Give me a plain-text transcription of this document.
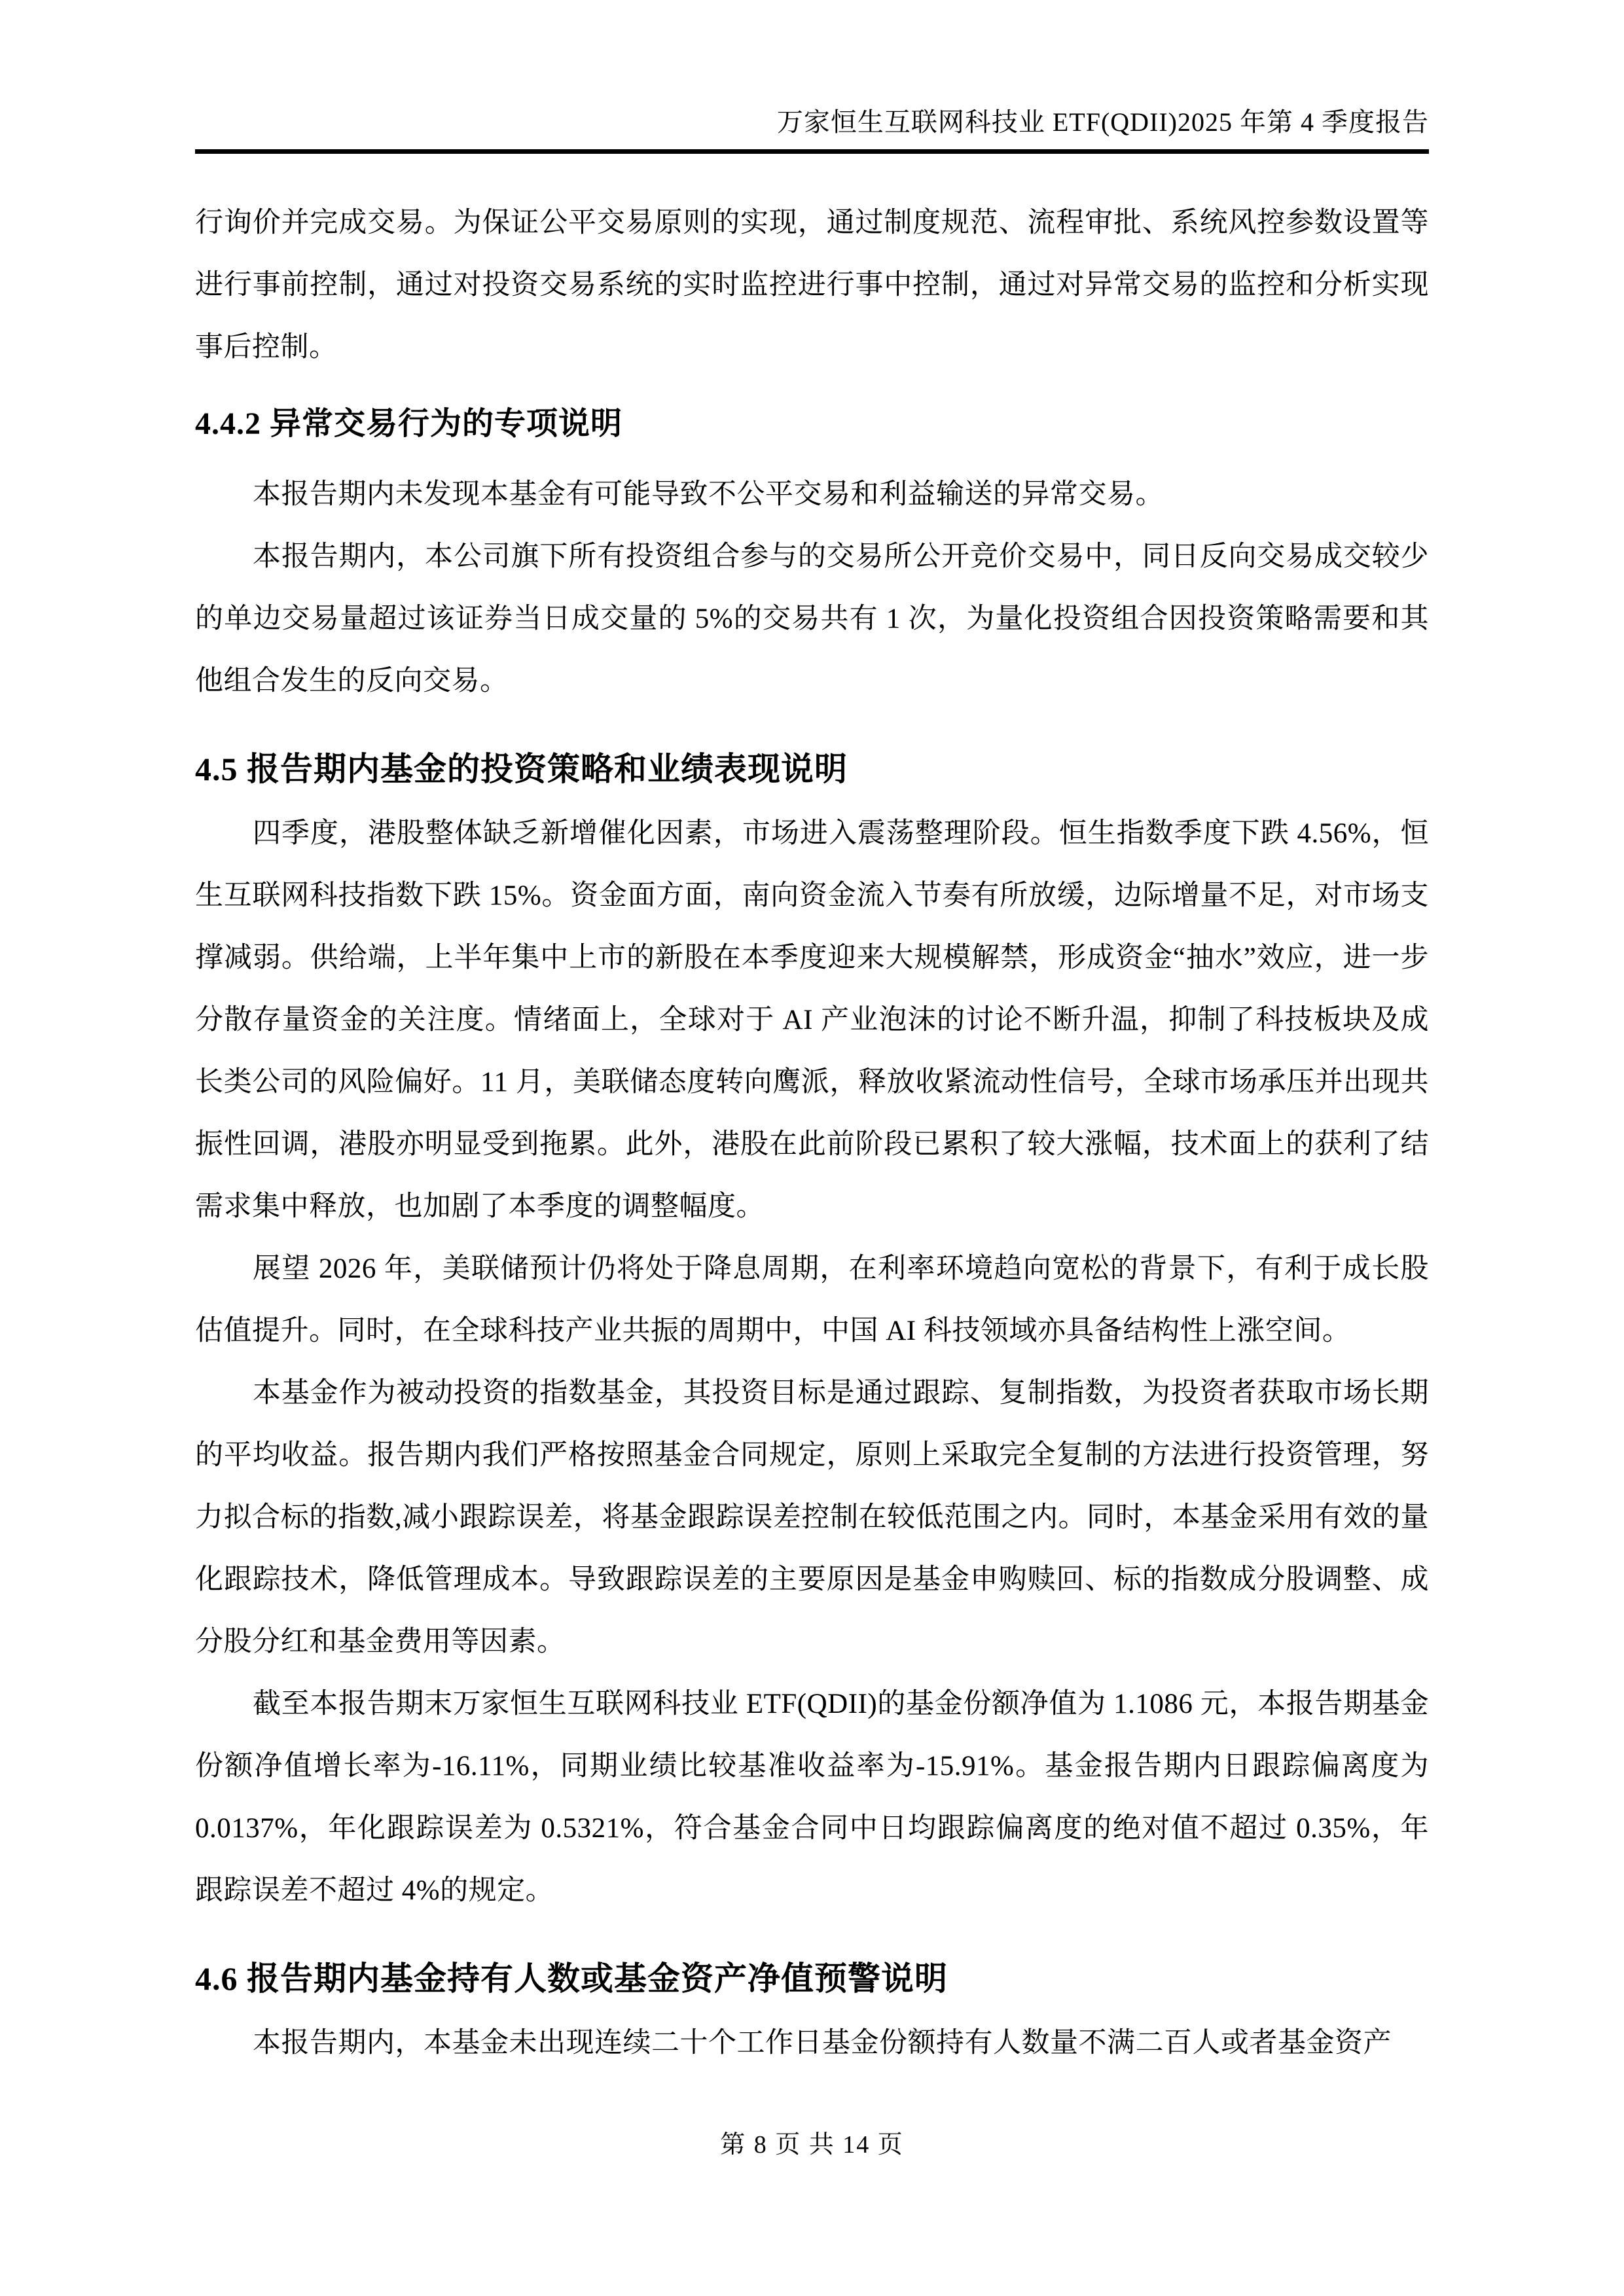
万家恒生互联网科技业 ETF(QDII)2025 年第 4 季度报告

行询价并完成交易。为保证公平交易原则的实现，通过制度规范、流程审批、系统风控参数设置等进行事前控制，通过对投资交易系统的实时监控进行事中控制，通过对异常交易的监控和分析实现事后控制。

4.4.2 异常交易行为的专项说明

本报告期内未发现本基金有可能导致不公平交易和利益输送的异常交易。

本报告期内，本公司旗下所有投资组合参与的交易所公开竞价交易中，同日反向交易成交较少的单边交易量超过该证券当日成交量的 5%的交易共有 1 次，为量化投资组合因投资策略需要和其他组合发生的反向交易。

4.5 报告期内基金的投资策略和业绩表现说明

四季度，港股整体缺乏新增催化因素，市场进入震荡整理阶段。恒生指数季度下跌 4.56%，恒生互联网科技指数下跌 15%。资金面方面，南向资金流入节奏有所放缓，边际增量不足，对市场支撑减弱。供给端，上半年集中上市的新股在本季度迎来大规模解禁，形成资金“抽水”效应，进一步分散存量资金的关注度。情绪面上，全球对于 AI 产业泡沫的讨论不断升温，抑制了科技板块及成长类公司的风险偏好。11 月，美联储态度转向鹰派，释放收紧流动性信号，全球市场承压并出现共振性回调，港股亦明显受到拖累。此外，港股在此前阶段已累积了较大涨幅，技术面上的获利了结需求集中释放，也加剧了本季度的调整幅度。

展望 2026 年，美联储预计仍将处于降息周期，在利率环境趋向宽松的背景下，有利于成长股估值提升。同时，在全球科技产业共振的周期中，中国 AI 科技领域亦具备结构性上涨空间。

本基金作为被动投资的指数基金，其投资目标是通过跟踪、复制指数，为投资者获取市场长期的平均收益。报告期内我们严格按照基金合同规定，原则上采取完全复制的方法进行投资管理，努力拟合标的指数,减小跟踪误差，将基金跟踪误差控制在较低范围之内。同时，本基金采用有效的量化跟踪技术，降低管理成本。导致跟踪误差的主要原因是基金申购赎回、标的指数成分股调整、成分股分红和基金费用等因素。

截至本报告期末万家恒生互联网科技业 ETF(QDII)的基金份额净值为 1.1086 元，本报告期基金份额净值增长率为-16.11%，同期业绩比较基准收益率为-15.91%。基金报告期内日跟踪偏离度为 0.0137%，年化跟踪误差为 0.5321%，符合基金合同中日均跟踪偏离度的绝对值不超过 0.35%，年跟踪误差不超过 4%的规定。

4.6 报告期内基金持有人数或基金资产净值预警说明

本报告期内，本基金未出现连续二十个工作日基金份额持有人数量不满二百人或者基金资产

第 8 页 共 14 页
